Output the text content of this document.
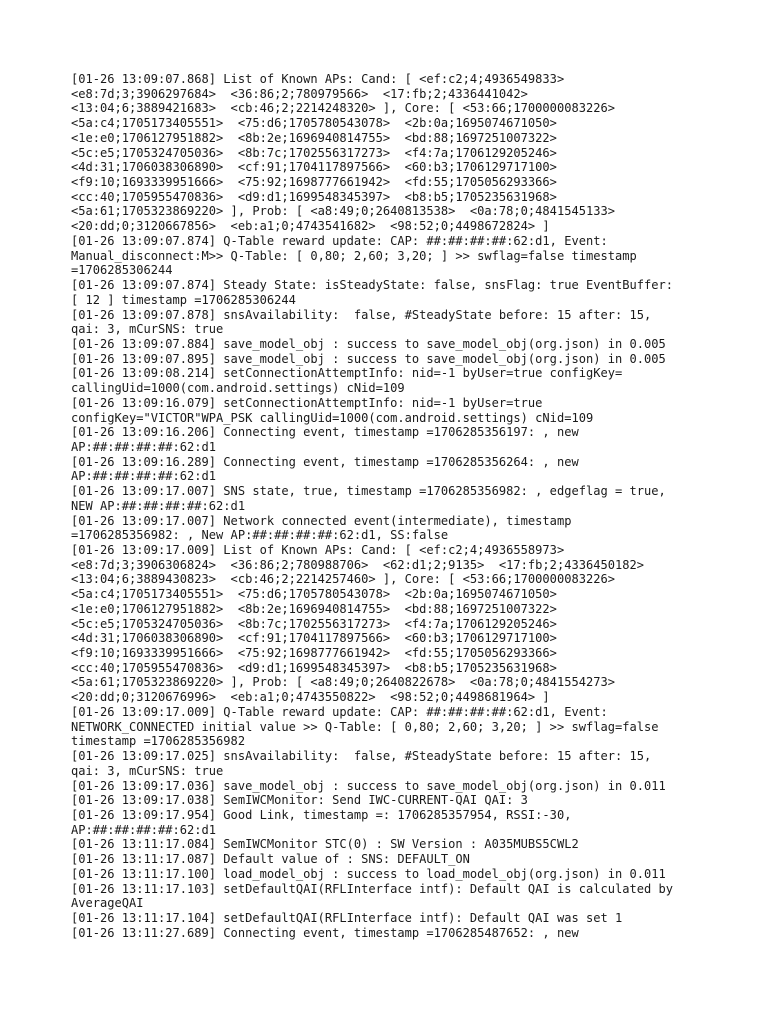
[01-26 13:09:07.868] List of Known APs: Cand: [ <ef:c2;4;4936549833>
<e8:7d;3;3906297684>  <36:86;2;780979566>  <17:fb;2;4336441042>
<13:04;6;3889421683>  <cb:46;2;2214248320> ], Core: [ <53:66;1700000083226>
<5a:c4;1705173405551>  <75:d6;1705780543078>  <2b:0a;1695074671050>
<1e:e0;1706127951882>  <8b:2e;1696940814755>  <bd:88;1697251007322>
<5c:e5;1705324705036>  <8b:7c;1702556317273>  <f4:7a;1706129205246>
<4d:31;1706038306890>  <cf:91;1704117897566>  <60:b3;1706129717100>
<f9:10;1693339951666>  <75:92;1698777661942>  <fd:55;1705056293366>
<cc:40;1705955470836>  <d9:d1;1699548345397>  <b8:b5;1705235631968>
<5a:61;1705323869220> ], Prob: [ <a8:49;0;2640813538>  <0a:78;0;4841545133>
<20:dd;0;3120667856>  <eb:a1;0;4743541682>  <98:52;0;4498672824> ]
[01-26 13:09:07.874] Q-Table reward update: CAP: ##:##:##:##:62:d1, Event:
Manual_disconnect:M>> Q-Table: [ 0,80; 2,60; 3,20; ] >> swflag=false timestamp
=1706285306244
[01-26 13:09:07.874] Steady State: isSteadyState: false, snsFlag: true EventBuffer:
[ 12 ] timestamp =1706285306244
[01-26 13:09:07.878] snsAvailability:  false, #SteadyState before: 15 after: 15,
qai: 3, mCurSNS: true
[01-26 13:09:07.884] save_model_obj : success to save_model_obj(org.json) in 0.005
[01-26 13:09:07.895] save_model_obj : success to save_model_obj(org.json) in 0.005
[01-26 13:09:08.214] setConnectionAttemptInfo: nid=-1 byUser=true configKey=
callingUid=1000(com.android.settings) cNid=109
[01-26 13:09:16.079] setConnectionAttemptInfo: nid=-1 byUser=true
configKey="VICTOR"WPA_PSK callingUid=1000(com.android.settings) cNid=109
[01-26 13:09:16.206] Connecting event, timestamp =1706285356197: , new
AP:##:##:##:##:62:d1
[01-26 13:09:16.289] Connecting event, timestamp =1706285356264: , new
AP:##:##:##:##:62:d1
[01-26 13:09:17.007] SNS state, true, timestamp =1706285356982: , edgeflag = true,
NEW AP:##:##:##:##:62:d1
[01-26 13:09:17.007] Network connected event(intermediate), timestamp
=1706285356982: , New AP:##:##:##:##:62:d1, SS:false
[01-26 13:09:17.009] List of Known APs: Cand: [ <ef:c2;4;4936558973>
<e8:7d;3;3906306824>  <36:86;2;780988706>  <62:d1;2;9135>  <17:fb;2;4336450182>
<13:04;6;3889430823>  <cb:46;2;2214257460> ], Core: [ <53:66;1700000083226>
<5a:c4;1705173405551>  <75:d6;1705780543078>  <2b:0a;1695074671050>
<1e:e0;1706127951882>  <8b:2e;1696940814755>  <bd:88;1697251007322>
<5c:e5;1705324705036>  <8b:7c;1702556317273>  <f4:7a;1706129205246>
<4d:31;1706038306890>  <cf:91;1704117897566>  <60:b3;1706129717100>
<f9:10;1693339951666>  <75:92;1698777661942>  <fd:55;1705056293366>
<cc:40;1705955470836>  <d9:d1;1699548345397>  <b8:b5;1705235631968>
<5a:61;1705323869220> ], Prob: [ <a8:49;0;2640822678>  <0a:78;0;4841554273>
<20:dd;0;3120676996>  <eb:a1;0;4743550822>  <98:52;0;4498681964> ]
[01-26 13:09:17.009] Q-Table reward update: CAP: ##:##:##:##:62:d1, Event:
NETWORK_CONNECTED initial value >> Q-Table: [ 0,80; 2,60; 3,20; ] >> swflag=false
timestamp =1706285356982
[01-26 13:09:17.025] snsAvailability:  false, #SteadyState before: 15 after: 15,
qai: 3, mCurSNS: true
[01-26 13:09:17.036] save_model_obj : success to save_model_obj(org.json) in 0.011
[01-26 13:09:17.038] SemIWCMonitor: Send IWC-CURRENT-QAI QAI: 3
[01-26 13:09:17.954] Good Link, timestamp =: 1706285357954, RSSI:-30,
AP:##:##:##:##:62:d1
[01-26 13:11:17.084] SemIWCMonitor STC(0) : SW Version : A035MUBS5CWL2
[01-26 13:11:17.087] Default value of : SNS: DEFAULT_ON
[01-26 13:11:17.100] load_model_obj : success to load_model_obj(org.json) in 0.011
[01-26 13:11:17.103] setDefaultQAI(RFLInterface intf): Default QAI is calculated by
AverageQAI
[01-26 13:11:17.104] setDefaultQAI(RFLInterface intf): Default QAI was set 1
[01-26 13:11:27.689] Connecting event, timestamp =1706285487652: , new
